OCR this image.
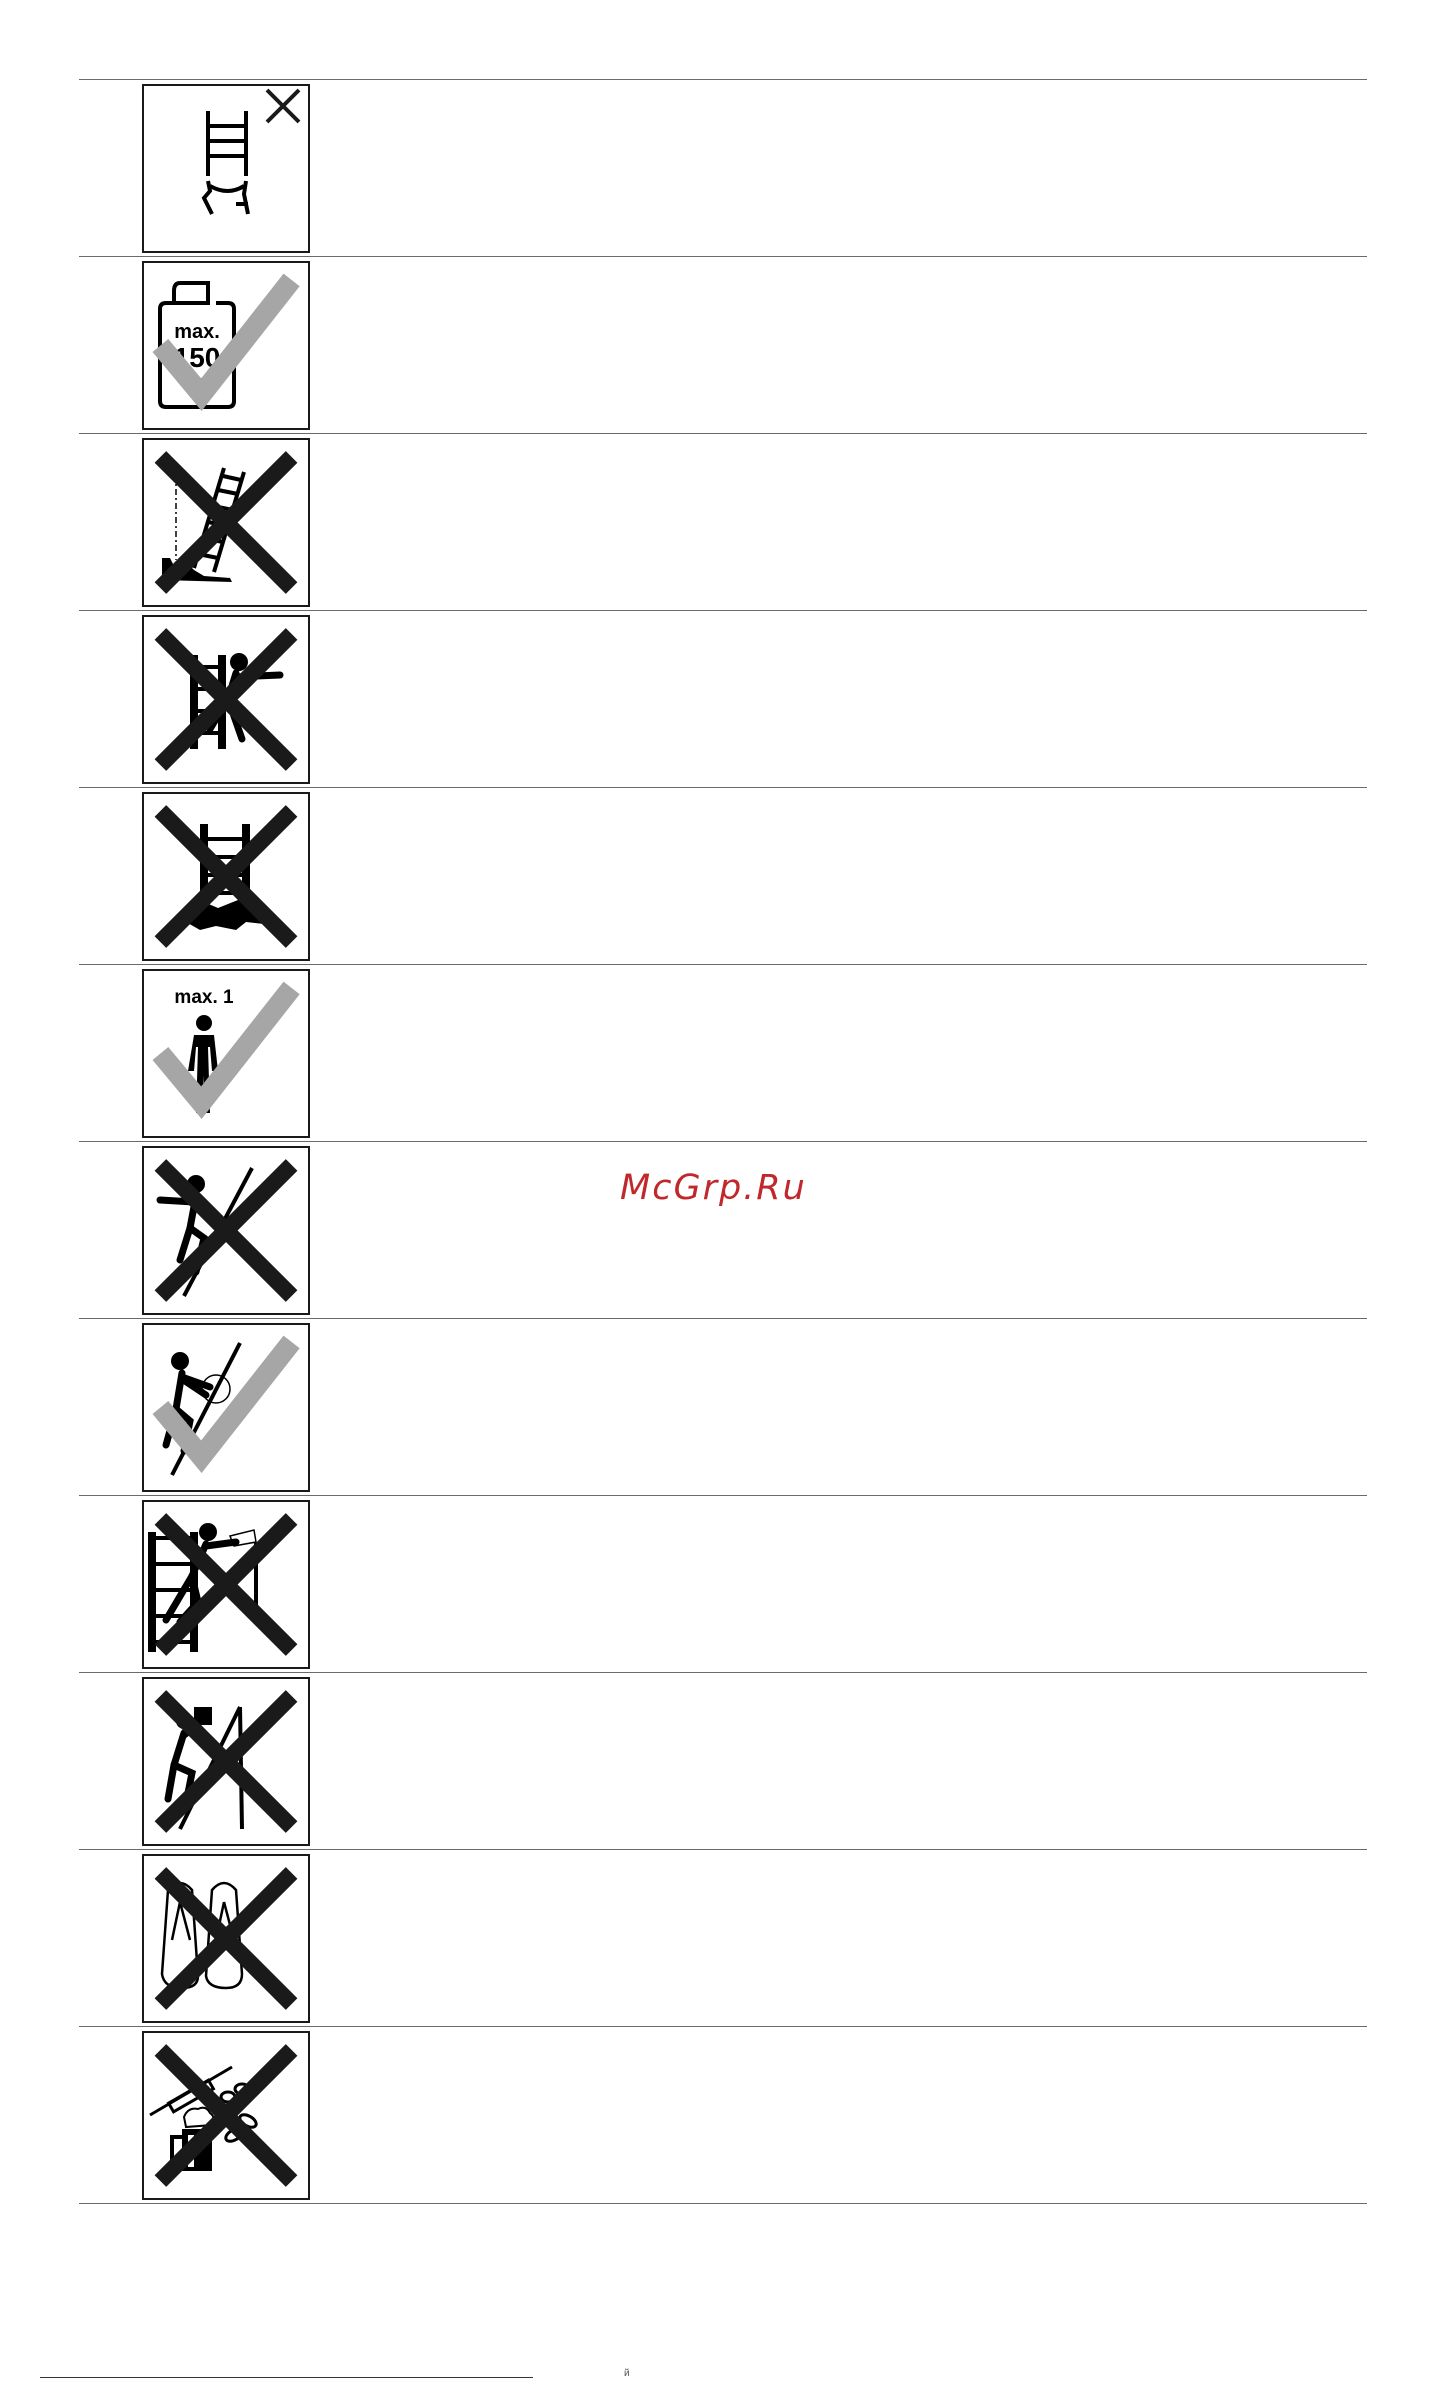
max.
150
kg
max. 1
McGrp.Ru
й
